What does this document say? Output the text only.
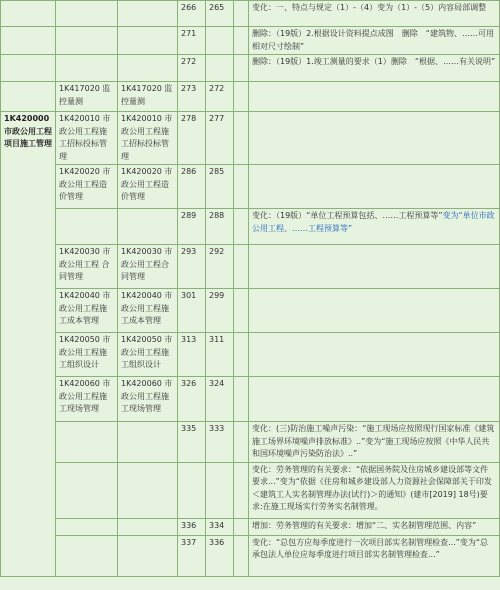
			266	265		变化：一、特点与规定（1）-（4）变为（1）-（5）内容局部调整
			271			删除：（19版）2.根据设计资料提点成图　删除　“建筑物、……可用相对尺寸绘制”
			272			删除：（19版）1.竣工测量的要求（1）删除　“根据、……有关说明”
	1K417020 监控量测	1K417020 监控量测	273	272		
1K420000市政公用工程项目施工管理	1K420010 市政公用工程施工招标投标管理	1K420010 市政公用工程施工招标投标管理	278	277		
	1K420020 市政公用工程造价管理	1K420020 市政公用工程造价管理	286	285		
			289	288		变化：（19版）“单位工程预算包括、……工程预算等”变为“单位市政公用工程、……工程预算等”
	1K420030 市政公用工程 合同管理	1K420030 市政公用工程合同管理	293	292		
	1K420040 市政公用工程施工成本管理	1K420040 市政公用工程施工成本管理	301	299		
	1K420050 市政公用工程施工组织设计	1K420050 市政公用工程施工组织设计	313	311		
	1K420060 市政公用工程施工现场管理	1K420060 市政公用工程施工现场管理	326	324		
			335	333		变化：(三)防治施工噪声污染：“施工现场应按照现行国家标准《建筑施工场界环境噪声排放标准》..”变为“施工现场应按照《中华人民共和国环境噪声污染防治法》..”
						变化：劳务管理的有关要求：“依据国务院及住房城乡建设部等文件要求...”变为“依据《住房和城乡建设部人力资源社会保障部关于印发＜建筑工人实名制管理办法(试行)＞的通知》(建市[2019] 18号)要求:在施工现场实行劳务实名制管理。
			336	334		增加：劳务管理的有关要求：增加“二、实名制管理范围、内容”
			337	336		变化：“总包方应每季度进行一次项目部实名制管理检查...”变为“总承包法人单位应每季度进行项目部实名制管理检查...”
